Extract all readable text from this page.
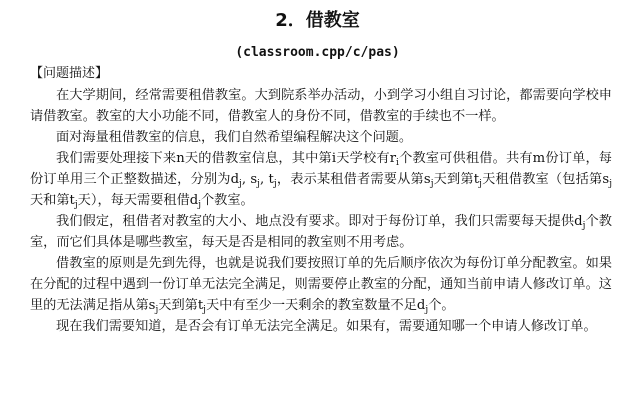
2．借教室
(classroom.cpp/c/pas)
【问题描述】

在大学期间，经常需要租借教室。大到院系举办活动，小到学习小组自习讨论，都需要向学校申请借教室。教室的大小功能不同，借教室人的身份不同，借教室的手续也不一样。

面对海量租借教室的信息，我们自然希望编程解决这个问题。

我们需要处理接下来n天的借教室信息，其中第i天学校有$r_i$个教室可供租借。共有m份订单，每份订单用三个正整数描述，分别为$d_j$, $s_j$, $t_j$，表示某租借者需要从第$s_j$天到第$t_j$天租借教室（包括第$s_j$天和第$t_j$天），每天需要租借$d_j$个教室。

我们假定，租借者对教室的大小、地点没有要求。即对于每份订单，我们只需要每天提供$d_j$个教室，而它们具体是哪些教室，每天是否是相同的教室则不用考虑。

借教室的原则是先到先得，也就是说我们要按照订单的先后顺序依次为每份订单分配教室。如果在分配的过程中遇到一份订单无法完全满足，则需要停止教室的分配，通知当前申请人修改订单。这里的无法满足指从第$s_j$天到第$t_j$天中有至少一天剩余的教室数量不足$d_j$个。

现在我们需要知道，是否会有订单无法完全满足。如果有，需要通知哪一个申请人修改订单。
